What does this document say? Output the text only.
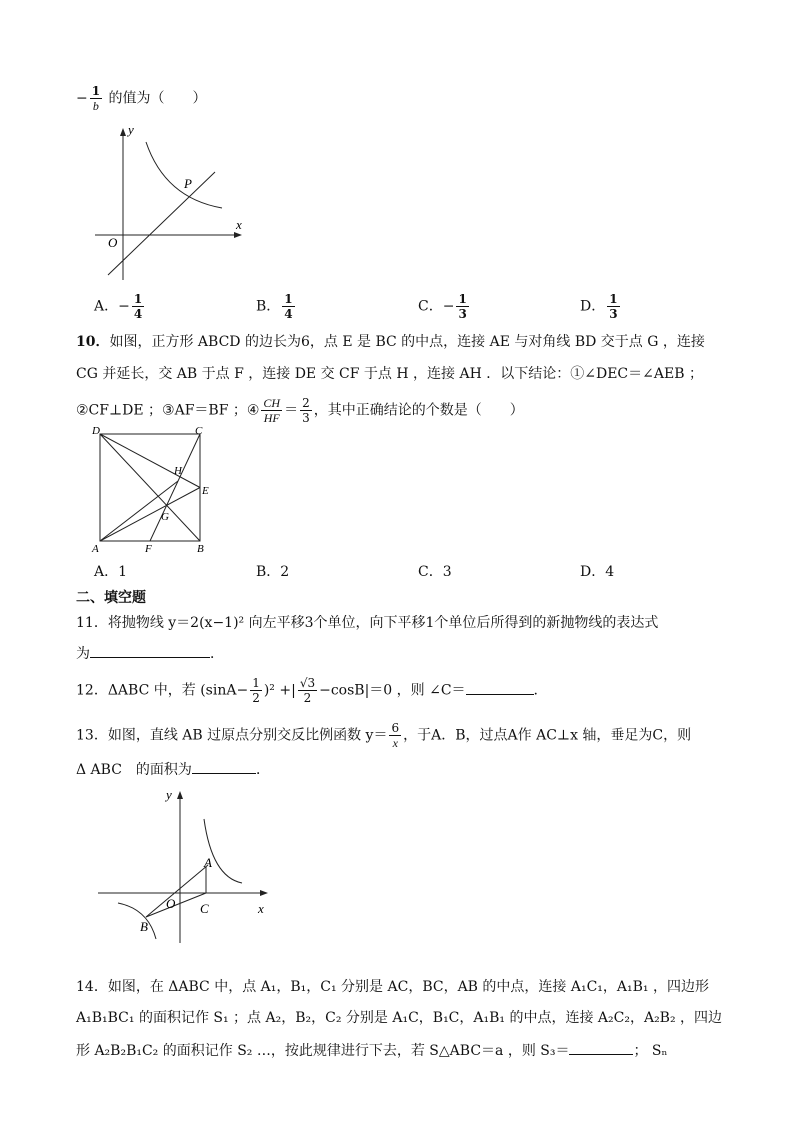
− $\frac{1}{b}$ 的值为（　　）
y
x
O
P
A．− $\frac{1}{4}$	B． $\frac{1}{4}$	C．− $\frac{1}{3}$	D． $\frac{1}{3}$
10．如图，正方形 ABCD 的边长为6，点 E 是 BC 的中点，连接 AE 与对角线 BD 交于点 G ，连接
CG 并延长，交 AB 于点 F ，连接 DE 交 CF 于点 H ，连接 AH ．以下结论：①∠DEC＝∠AEB ；
②CF⊥DE ；③AF＝BF ；④ $\frac{CH}{HF} = \frac{2}{3}$ ，其中正确结论的个数是（　　）
D	C
A	B
E
F
G
H
A．1	B．2	C．3	D．4
二、填空题
11．将抛物线 y＝2(x−1)² 向左平移3个单位，向下平移1个单位后所得到的新抛物线的表达式
为	．
12．ΔABC 中，若 $(\sin A- \frac{1}{2} )^2$ +| $\frac{√3}{2} -\cos B|=0$ ，则 ∠C＝	.
13．如图，直线 AB 过原点分别交反比例函数 $y= \frac{6}{x}$ ，于A．B，过点A作 AC⊥x 轴，垂足为C，则
Δ ABC　的面积为	．
y
x
O
A
B
C
14．如图，在 ΔABC 中，点 A₁，B₁，C₁ 分别是 AC，BC，AB 的中点，连接 A₁C₁，A₁B₁ ，四边形
A₁B₁BC₁ 的面积记作 S₁ ；点 A₂，B₂，C₂ 分别是 A₁C，B₁C，A₁B₁ 的中点，连接 A₂C₂，A₂B₂ ，四边
形 A₂B₂B₁C₂ 的面积记作 S₂ …，按此规律进行下去，若 S△ABC＝a ，则 S₃＝	； Sₙ
